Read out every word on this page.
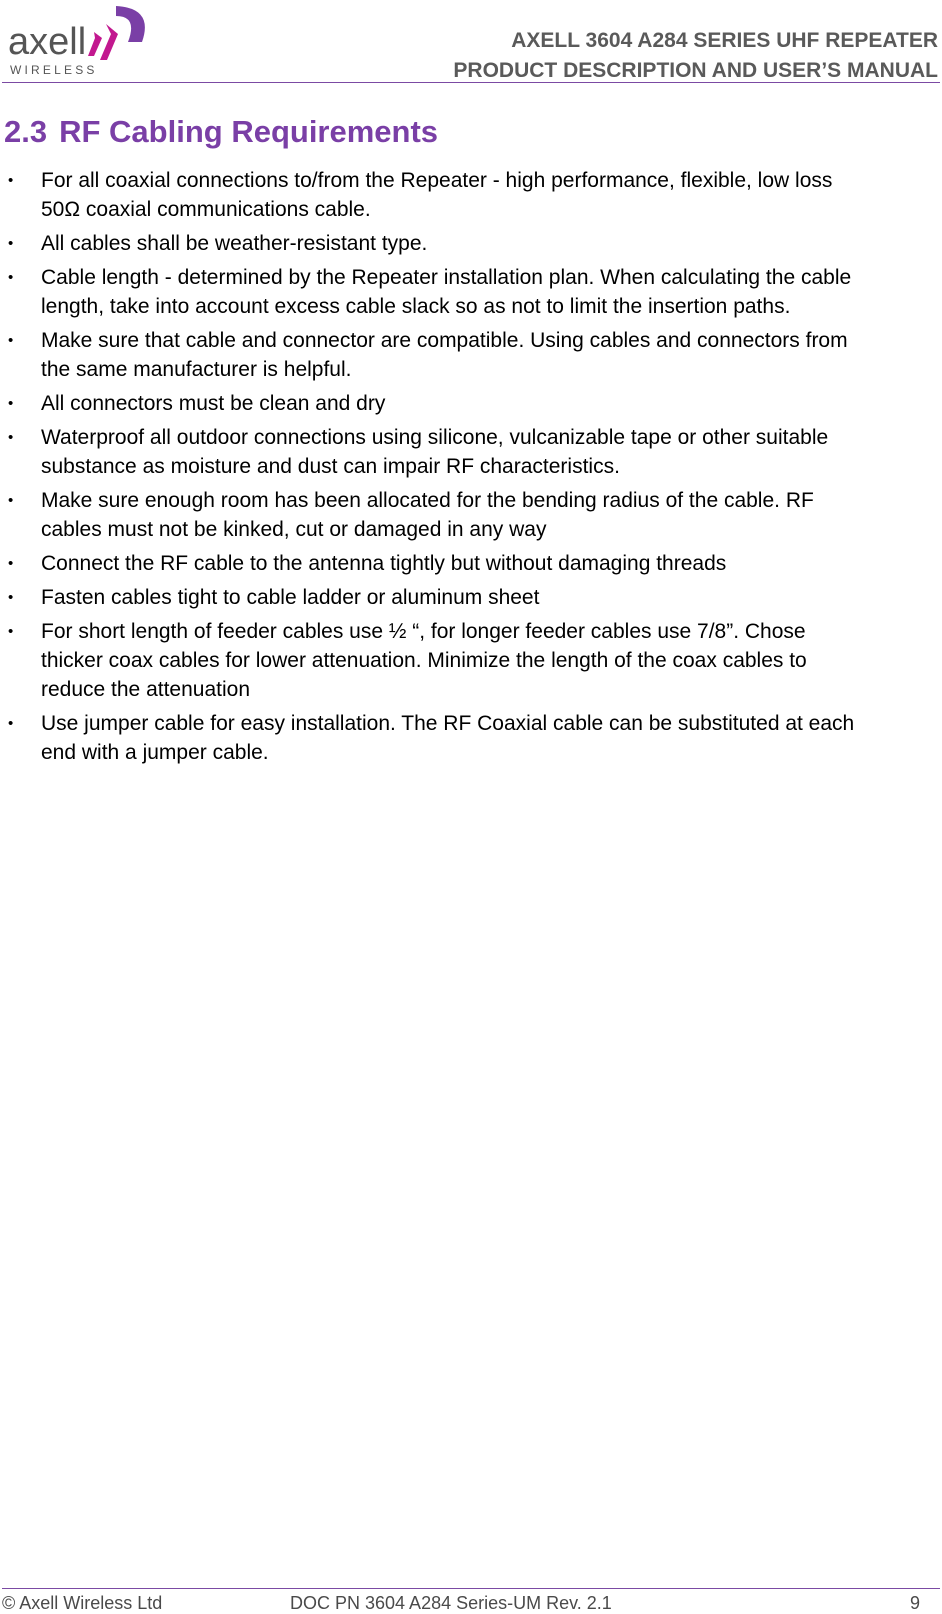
axell
WIRELESS
AXELL 3604 A284 SERIES UHF REPEATER
PRODUCT DESCRIPTION AND USER’S MANUAL
2.3 RF Cabling Requirements
• For all coaxial connections to/from the Repeater - high performance, flexible, low loss
50Ω coaxial communications cable.
• All cables shall be weather-resistant type.
• Cable length - determined by the Repeater installation plan. When calculating the cable
length, take into account excess cable slack so as not to limit the insertion paths.
• Make sure that cable and connector are compatible. Using cables and connectors from
the same manufacturer is helpful.
• All connectors must be clean and dry
• Waterproof all outdoor connections using silicone, vulcanizable tape or other suitable
substance as moisture and dust can impair RF characteristics.
• Make sure enough room has been allocated for the bending radius of the cable. RF
cables must not be kinked, cut or damaged in any way
• Connect the RF cable to the antenna tightly but without damaging threads
• Fasten cables tight to cable ladder or aluminum sheet
• For short length of feeder cables use ½ “, for longer feeder cables use 7/8”. Chose
thicker coax cables for lower attenuation. Minimize the length of the coax cables to
reduce the attenuation
• Use jumper cable for easy installation. The RF Coaxial cable can be substituted at each
end with a jumper cable.
© Axell Wireless Ltd	DOC PN 3604 A284 Series-UM Rev. 2.1	9
